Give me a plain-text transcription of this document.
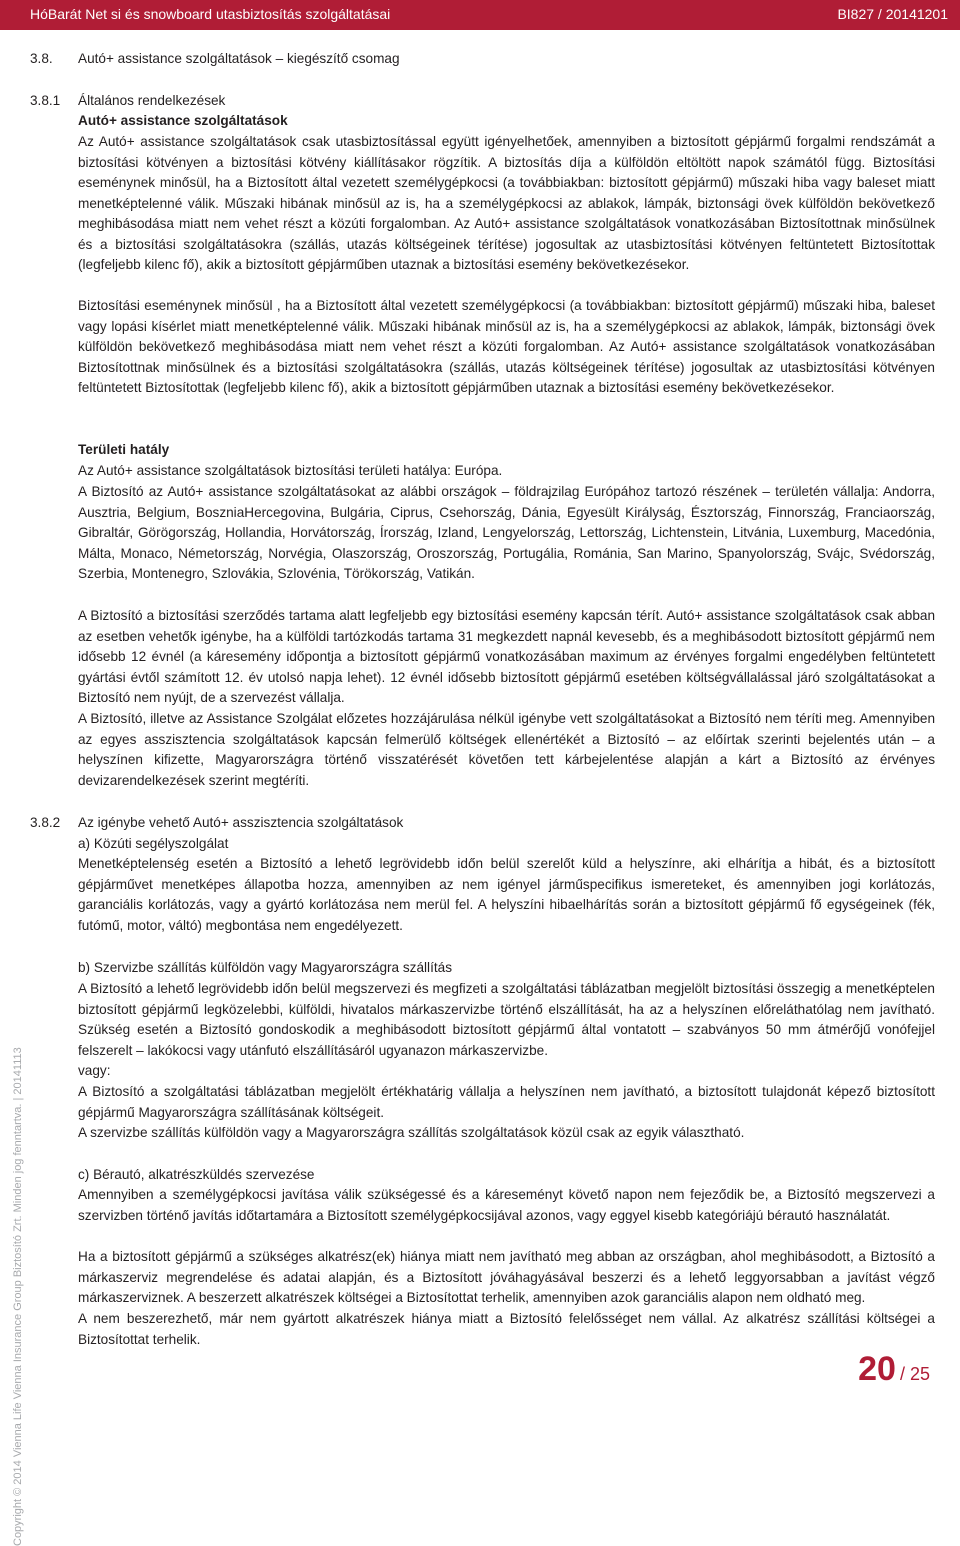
HóBarát Net si és snowboard utasbiztosítás szolgáltatásai	BI827 / 20141201
Copyright © 2014 Vienna Life Vienna Insurance Group Biztosító Zrt. Minden jog fenntartva. | 20141113
3.8. Autó+ assistance szolgáltatások – kiegészítő csomag

3.8.1 Általános rendelkezések

Autó+ assistance szolgáltatások

Az Autó+ assistance szolgáltatások csak utasbiztosítással együtt igényelhetőek, amennyiben a biztosított gépjármű forgalmi rendszámát a biztosítási kötvényen a biztosítási kötvény kiállításakor rögzítik. A biztosítás díja a külföldön eltöltött napok számától függ. Biztosítási eseménynek minősül, ha a Biztosított által vezetett személygépkocsi (a továbbiakban: biztosított gépjármű) műszaki hiba vagy baleset miatt menetképtelenné válik. Műszaki hibának minősül az is, ha a személygépkocsi az ablakok, lámpák, biztonsági övek külföldön bekövetkező meghibásodása miatt nem vehet részt a közúti forgalomban. Az Autó+ assistance szolgáltatások vonatkozásában Biztosítottnak minősülnek és a biztosítási szolgáltatásokra (szállás, utazás költségeinek térítése) jogosultak az utasbiztosítási kötvényen feltüntetett Biztosítottak (legfeljebb kilenc fő), akik a biztosított gépjárműben utaznak a biztosítási esemény bekövetkezésekor.

Biztosítási eseménynek minősül , ha a Biztosított által vezetett személygépkocsi (a továbbiakban: biztosított gépjármű) műszaki hiba, baleset vagy lopási kísérlet miatt menetképtelenné válik. Műszaki hibának minősül az is, ha a személygépkocsi az ablakok, lámpák, biztonsági övek külföldön bekövetkező meghibásodása miatt nem vehet részt a közúti forgalomban. Az Autó+ assistance szolgáltatások vonatkozásában Biztosítottnak minősülnek és a biztosítási szolgáltatásokra (szállás, utazás költségeinek térítése) jogosultak az utasbiztosítási kötvényen feltüntetett Biztosítottak (legfeljebb kilenc fő), akik a biztosított gépjárműben utaznak a biztosítási esemény bekövetkezésekor.

Területi hatály

Az Autó+ assistance szolgáltatások biztosítási területi hatálya: Európa.

A Biztosító az Autó+ assistance szolgáltatásokat az alábbi országok – földrajzilag Európához tartozó részének – területén vállalja: Andorra, Ausztria, Belgium, BoszniaHercegovina, Bulgária, Ciprus, Csehország, Dánia, Egyesült Királyság, Észtország, Finnország, Franciaország, Gibraltár, Görögország, Hollandia, Horvátország, Írország, Izland, Lengyelország, Lettország, Lichtenstein, Litvánia, Luxemburg, Macedónia, Málta, Monaco, Németország, Norvégia, Olaszország, Oroszország, Portugália, Románia, San Marino, Spanyolország, Svájc, Svédország, Szerbia, Montenegro, Szlovákia, Szlovénia, Törökország, Vatikán.

A Biztosító a biztosítási szerződés tartama alatt legfeljebb egy biztosítási esemény kapcsán térít. Autó+ assistance szolgáltatások csak abban az esetben vehetők igénybe, ha a külföldi tartózkodás tartama 31 megkezdett napnál kevesebb, és a meghibásodott biztosított gépjármű nem idősebb 12 évnél (a káresemény időpontja a biztosított gépjármű vonatkozásában maximum az érvényes forgalmi engedélyben feltüntetett gyártási évtől számított 12. év utolsó napja lehet). 12 évnél idősebb biztosított gépjármű esetében költségvállalással járó szolgáltatásokat a Biztosító nem nyújt, de a szervezést vállalja.

A Biztosító, illetve az Assistance Szolgálat előzetes hozzájárulása nélkül igénybe vett szolgáltatásokat a Biztosító nem téríti meg. Amennyiben az egyes asszisztencia szolgáltatások kapcsán felmerülő költségek ellenértékét a Biztosító – az előírtak szerinti bejelentés után – a helyszínen kifizette, Magyarországra történő visszatérését követően tett kárbejelentése alapján a kárt a Biztosító az érvényes devizarendelkezések szerint megtéríti.

3.8.2 Az igénybe vehető Autó+ asszisztencia szolgáltatások

a) Közúti segélyszolgálat

Menetképtelenség esetén a Biztosító a lehető legrövidebb időn belül szerelőt küld a helyszínre, aki elhárítja a hibát, és a biztosított gépjárművet menetképes állapotba hozza, amennyiben az nem igényel járműspecifikus ismereteket, és amennyiben jogi korlátozás, garanciális korlátozás, vagy a gyártó korlátozása nem merül fel. A helyszíni hibaelhárítás során a biztosított gépjármű fő egységeinek (fék, futómű, motor, váltó) megbontása nem engedélyezett.

b) Szervizbe szállítás külföldön vagy Magyarországra szállítás

A Biztosító a lehető legrövidebb időn belül megszervezi és megfizeti a szolgáltatási táblázatban megjelölt biztosítási összegig a menetképtelen biztosított gépjármű legközelebbi, külföldi, hivatalos márkaszervizbe történő elszállítását, ha az a helyszínen előreláthatólag nem javítható. Szükség esetén a Biztosító gondoskodik a meghibásodott biztosított gépjármű által vontatott – szabványos 50 mm átmérőjű vonófejjel felszerelt – lakókocsi vagy utánfutó elszállításáról ugyanazon márkaszervizbe.

vagy:

A Biztosító a szolgáltatási táblázatban megjelölt értékhatárig vállalja a helyszínen nem javítható, a biztosított tulajdonát képező biztosított gépjármű Magyarországra szállításának költségeit.

A szervizbe szállítás külföldön vagy a Magyarországra szállítás szolgáltatások közül csak az egyik választható.

c) Bérautó, alkatrészküldés szervezése

Amennyiben a személygépkocsi javítása válik szükségessé és a káreseményt követő napon nem fejeződik be, a Biztosító megszervezi a szervizben történő javítás időtartamára a Biztosított személygépkocsijával azonos, vagy eggyel kisebb kategóriájú bérautó használatát.

Ha a biztosított gépjármű a szükséges alkatrész(ek) hiánya miatt nem javítható meg abban az országban, ahol meghibásodott, a Biztosító a márkaszerviz megrendelése és adatai alapján, és a Biztosított jóváhagyásával beszerzi és a lehető leggyorsabban a javítást végző márkaszerviznek. A beszerzett alkatrészek költségei a Biztosítottat terhelik, amennyiben azok garanciális alapon nem oldható meg.

A nem beszerezhető, már nem gyártott alkatrészek hiánya miatt a Biztosító felelősséget nem vállal. Az alkatrész szállítási költségei a Biztosítottat terhelik.

20 / 25
